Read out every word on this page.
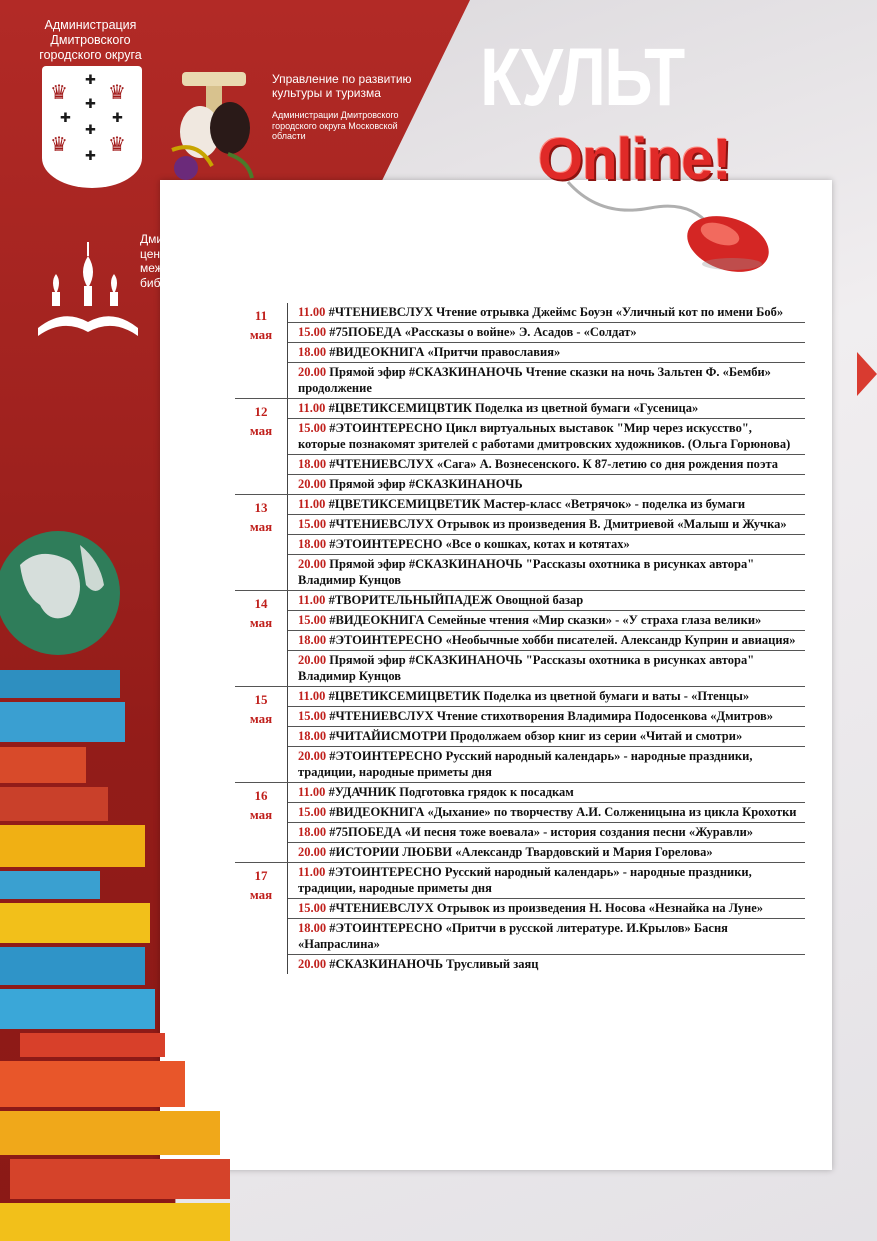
Администрация Дмитровского городского округа
♛ ♛
♛ ♛
✚
✚
✚
✚
✚	✚
Управление по развитию культуры и туризма
Администрации Дмитровского городского округа Московской области
Дмитровская центральная межпоселенческая библиотека
КУЛЬТ
Online!
11
мая
11.00 #ЧТЕНИЕВСЛУХ Чтение отрывка Джеймс Боуэн «Уличный кот по имени Боб»
15.00 #75ПОБЕДА «Рассказы о войне» Э. Асадов - «Солдат»
18.00 #ВИДЕОКНИГА «Притчи православия»
20.00 Прямой эфир #СКАЗКИНАНОЧЬ Чтение сказки на ночь Зальтен Ф. «Бемби» продолжение
12
мая
11.00 #ЦВЕТИКСЕМИЦВТИК Поделка из цветной бумаги «Гусеница»
15.00 #ЭТОИНТЕРЕСНО Цикл виртуальных выставок "Мир через искусство", которые познакомят зрителей с работами дмитровских художников. (Ольга Горюнова)
18.00 #ЧТЕНИЕВСЛУХ «Сага» А. Вознесенского. К 87-летию со дня рождения поэта
20.00 Прямой эфир #СКАЗКИНАНОЧЬ
13
мая
11.00 #ЦВЕТИКСЕМИЦВЕТИК Мастер-класс «Ветрячок» - поделка из бумаги
15.00 #ЧТЕНИЕВСЛУХ Отрывок из произведения В. Дмитриевой «Малыш и Жучка»
18.00 #ЭТОИНТЕРЕСНО «Все о кошках, котах и котятах»
20.00 Прямой эфир #СКАЗКИНАНОЧЬ "Рассказы охотника в рисунках автора" Владимир Кунцов
14
мая
11.00 #ТВОРИТЕЛЬНЫЙПАДЕЖ Овощной базар
15.00 #ВИДЕОКНИГА Семейные чтения «Мир сказки» - «У страха глаза велики»
18.00 #ЭТОИНТЕРЕСНО «Необычные хобби писателей. Александр Куприн и авиация»
20.00 Прямой эфир #СКАЗКИНАНОЧЬ "Рассказы охотника в рисунках автора" Владимир Кунцов
15
мая
11.00 #ЦВЕТИКСЕМИЦВЕТИК Поделка из цветной бумаги и ваты - «Птенцы»
15.00 #ЧТЕНИЕВСЛУХ Чтение стихотворения Владимира Подосенкова «Дмитров»
18.00 #ЧИТАЙИСМОТРИ Продолжаем обзор книг из серии «Читай и смотри»
20.00 #ЭТОИНТЕРЕСНО Русский народный календарь» - народные праздники, традиции, народные приметы дня
16
мая
11.00 #УДАЧНИК Подготовка грядок к посадкам
15.00 #ВИДЕОКНИГА «Дыхание» по творчеству А.И. Солженицына из цикла Крохотки
18.00 #75ПОБЕДА «И песня тоже воевала» - история создания песни «Журавли»
20.00 #ИСТОРИИ ЛЮБВИ «Александр Твардовский и Мария Горелова»
17
мая
11.00 #ЭТОИНТЕРЕСНО Русский народный календарь» - народные праздники, традиции, народные приметы дня
15.00 #ЧТЕНИЕВСЛУХ Отрывок из произведения Н. Носова «Незнайка на Луне»
18.00 #ЭТОИНТЕРЕСНО «Притчи в русской литературе. И.Крылов» Басня «Напраслина»
20.00 #СКАЗКИНАНОЧЬ Трусливый заяц
